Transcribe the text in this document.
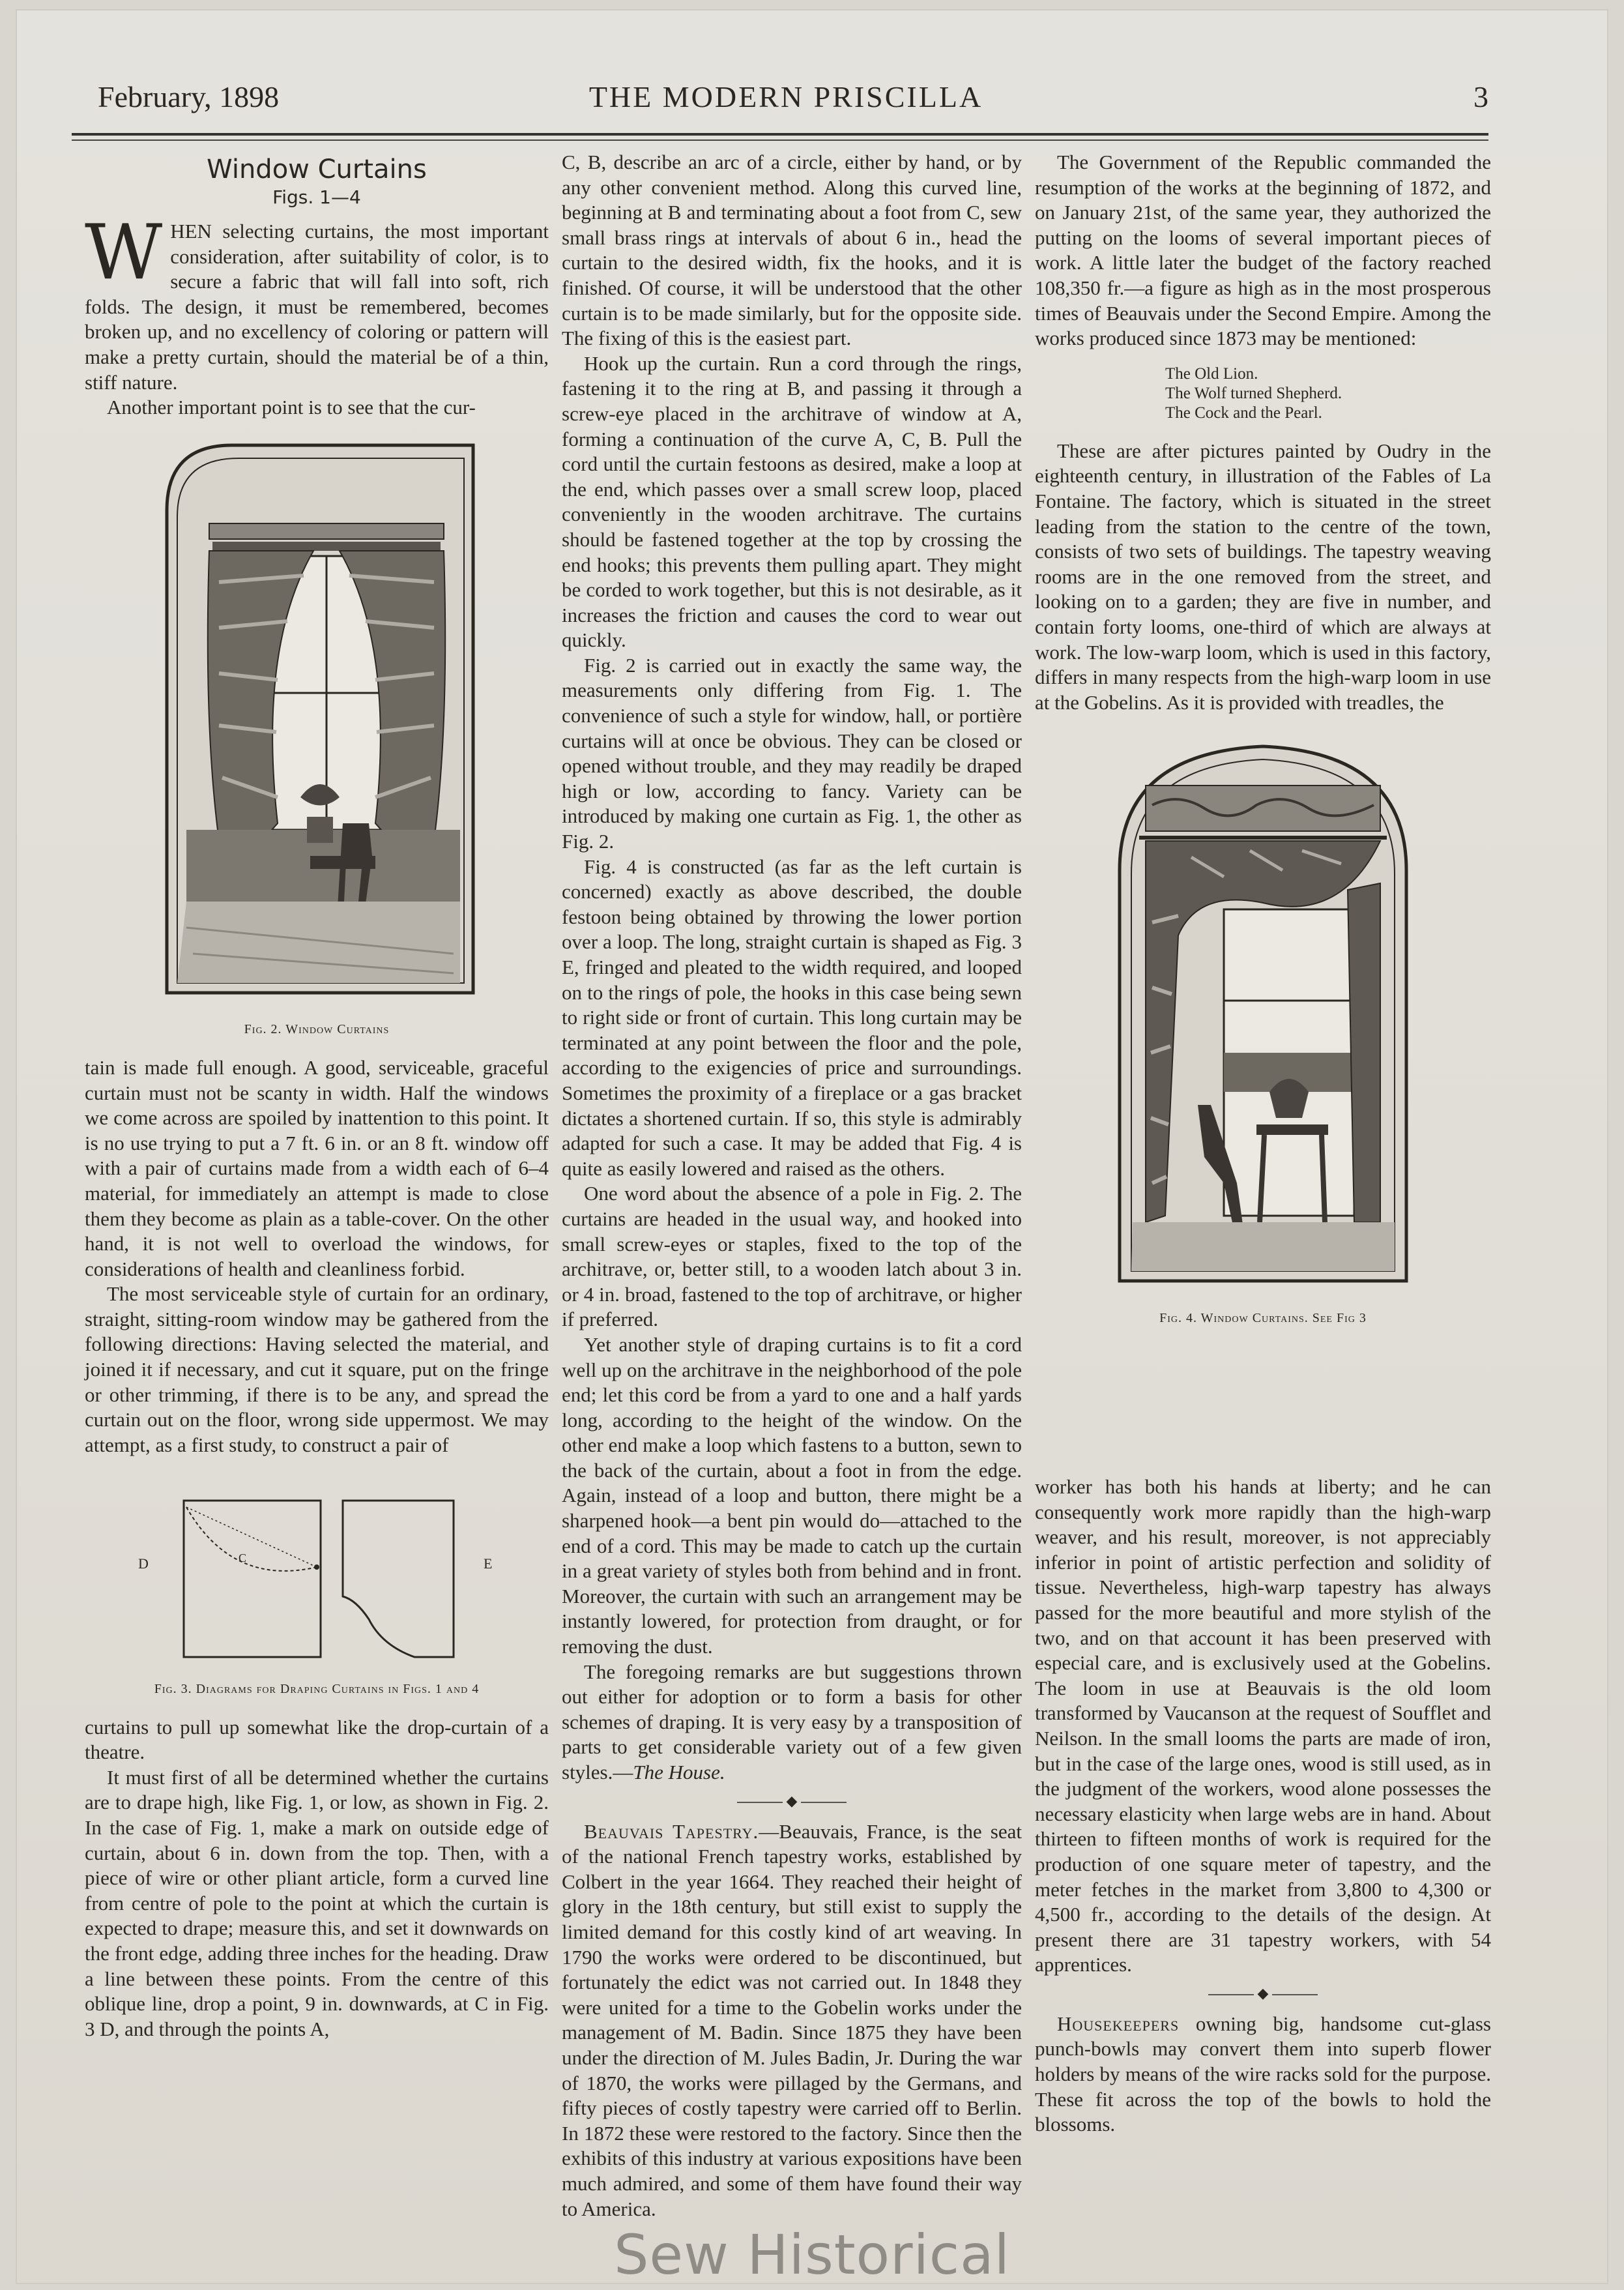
February, 1898	THE MODERN PRISCILLA	3
Window Curtains
Figs. 1—4

WHEN selecting curtains, the most important consideration, after suitability of color, is to secure a fabric that will fall into soft, rich folds. The design, it must be remembered, becomes broken up, and no excellency of coloring or pattern will make a pretty curtain, should the material be of a thin, stiff nature.

Another important point is to see that the cur-

Fig. 2. Window Curtains

tain is made full enough. A good, serviceable, graceful curtain must not be scanty in width. Half the windows we come across are spoiled by inattention to this point. It is no use trying to put a 7 ft. 6 in. or an 8 ft. window off with a pair of curtains made from a width each of 6–4 material, for immediately an attempt is made to close them they become as plain as a table-cover. On the other hand, it is not well to overload the windows, for considerations of health and cleanliness forbid.

The most serviceable style of curtain for an ordinary, straight, sitting-room window may be gathered from the following directions: Having selected the material, and joined it if necessary, and cut it square, put on the fringe or other trimming, if there is to be any, and spread the curtain out on the floor, wrong side uppermost. We may attempt, as a first study, to construct a pair of

D	C	E
Fig. 3. Diagrams for Draping Curtains in Figs. 1 and 4

curtains to pull up somewhat like the drop-curtain of a theatre.

It must first of all be determined whether the curtains are to drape high, like Fig. 1, or low, as shown in Fig. 2. In the case of Fig. 1, make a mark on outside edge of curtain, about 6 in. down from the top. Then, with a piece of wire or other pliant article, form a curved line from centre of pole to the point at which the curtain is expected to drape; measure this, and set it downwards on the front edge, adding three inches for the heading. Draw a line between these points. From the centre of this oblique line, drop a point, 9 in. downwards, at C in Fig. 3 D, and through the points A,

C, B, describe an arc of a circle, either by hand, or by any other convenient method. Along this curved line, beginning at B and terminating about a foot from C, sew small brass rings at intervals of about 6 in., head the curtain to the desired width, fix the hooks, and it is finished. Of course, it will be understood that the other curtain is to be made similarly, but for the opposite side. The fixing of this is the easiest part.

Hook up the curtain. Run a cord through the rings, fastening it to the ring at B, and passing it through a screw-eye placed in the architrave of window at A, forming a continuation of the curve A, C, B. Pull the cord until the curtain festoons as desired, make a loop at the end, which passes over a small screw loop, placed conveniently in the wooden architrave. The curtains should be fastened together at the top by crossing the end hooks; this prevents them pulling apart. They might be corded to work together, but this is not desirable, as it increases the friction and causes the cord to wear out quickly.

Fig. 2 is carried out in exactly the same way, the measurements only differing from Fig. 1. The convenience of such a style for window, hall, or portière curtains will at once be obvious. They can be closed or opened without trouble, and they may readily be draped high or low, according to fancy. Variety can be introduced by making one curtain as Fig. 1, the other as Fig. 2.

Fig. 4 is constructed (as far as the left curtain is concerned) exactly as above described, the double festoon being obtained by throwing the lower portion over a loop. The long, straight curtain is shaped as Fig. 3 E, fringed and pleated to the width required, and looped on to the rings of pole, the hooks in this case being sewn to right side or front of curtain. This long curtain may be terminated at any point between the floor and the pole, according to the exigencies of price and surroundings. Sometimes the proximity of a fireplace or a gas bracket dictates a shortened curtain. If so, this style is admirably adapted for such a case. It may be added that Fig. 4 is quite as easily lowered and raised as the others.

One word about the absence of a pole in Fig. 2. The curtains are headed in the usual way, and hooked into small screw-eyes or staples, fixed to the top of the architrave, or, better still, to a wooden latch about 3 in. or 4 in. broad, fastened to the top of architrave, or higher if preferred.

Yet another style of draping curtains is to fit a cord well up on the architrave in the neighborhood of the pole end; let this cord be from a yard to one and a half yards long, according to the height of the window. On the other end make a loop which fastens to a button, sewn to the back of the curtain, about a foot in from the edge. Again, instead of a loop and button, there might be a sharpened hook—a bent pin would do—attached to the end of a cord. This may be made to catch up the curtain in a great variety of styles both from behind and in front. Moreover, the curtain with such an arrangement may be instantly lowered, for protection from draught, or for removing the dust.

The foregoing remarks are but suggestions thrown out either for adoption or to form a basis for other schemes of draping. It is very easy by a transposition of parts to get considerable variety out of a few given styles.—The House.

◆

Beauvais Tapestry.—Beauvais, France, is the seat of the national French tapestry works, established by Colbert in the year 1664. They reached their height of glory in the 18th century, but still exist to supply the limited demand for this costly kind of art weaving. In 1790 the works were ordered to be discontinued, but fortunately the edict was not carried out. In 1848 they were united for a time to the Gobelin works under the management of M. Badin. Since 1875 they have been under the direction of M. Jules Badin, Jr. During the war of 1870, the works were pillaged by the Germans, and fifty pieces of costly tapestry were carried off to Berlin. In 1872 these were restored to the factory. Since then the exhibits of this industry at various expositions have been much admired, and some of them have found their way to America.

The Government of the Republic commanded the resumption of the works at the beginning of 1872, and on January 21st, of the same year, they authorized the putting on the looms of several important pieces of work. A little later the budget of the factory reached 108,350 fr.—a figure as high as in the most prosperous times of Beauvais under the Second Empire. Among the works produced since 1873 may be mentioned:

The Old Lion.
The Wolf turned Shepherd.
The Cock and the Pearl.

These are after pictures painted by Oudry in the eighteenth century, in illustration of the Fables of La Fontaine. The factory, which is situated in the street leading from the station to the centre of the town, consists of two sets of buildings. The tapestry weaving rooms are in the one removed from the street, and looking on to a garden; they are five in number, and contain forty looms, one-third of which are always at work. The low-warp loom, which is used in this factory, differs in many respects from the high-warp loom in use at the Gobelins. As it is provided with treadles, the

Fig. 4. Window Curtains. See Fig 3

worker has both his hands at liberty; and he can consequently work more rapidly than the high-warp weaver, and his result, moreover, is not appreciably inferior in point of artistic perfection and solidity of tissue. Nevertheless, high-warp tapestry has always passed for the more beautiful and more stylish of the two, and on that account it has been preserved with especial care, and is exclusively used at the Gobelins. The loom in use at Beauvais is the old loom transformed by Vaucanson at the request of Soufflet and Neilson. In the small looms the parts are made of iron, but in the case of the large ones, wood is still used, as in the judgment of the workers, wood alone possesses the necessary elasticity when large webs are in hand. About thirteen to fifteen months of work is required for the production of one square meter of tapestry, and the meter fetches in the market from 3,800 to 4,300 or 4,500 fr., according to the details of the design. At present there are 31 tapestry workers, with 54 apprentices.

◆

Housekeepers owning big, handsome cut-glass punch-bowls may convert them into superb flower holders by means of the wire racks sold for the purpose. These fit across the top of the bowls to hold the blossoms.

Sew Historical
